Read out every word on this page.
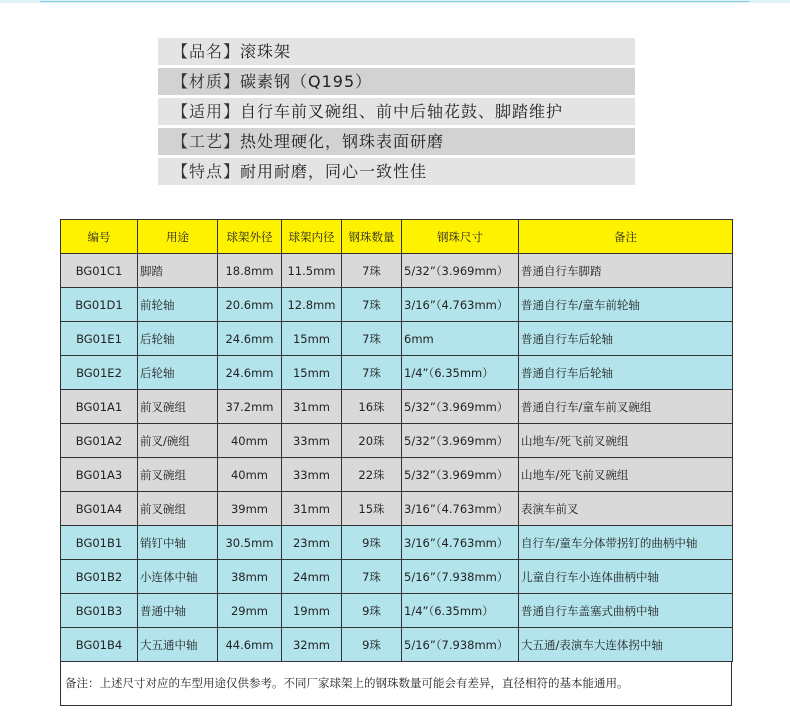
【品名】滚珠架
【材质】碳素钢（Q195）
【适用】自行车前叉碗组、前中后轴花鼓、脚踏维护
【工艺】热处理硬化，钢珠表面研磨
【特点】耐用耐磨，同心一致性佳
编号	用途	球架外径	球架内径	钢珠数量	钢珠尺寸	备注
BG01C1	脚踏	18.8mm	11.5mm	7珠	5/32”（3.969mm）	普通自行车脚踏
BG01D1	前轮轴	20.6mm	12.8mm	7珠	3/16”（4.763mm）	普通自行车/童车前轮轴
BG01E1	后轮轴	24.6mm	15mm	7珠	6mm	普通自行车后轮轴
BG01E2	后轮轴	24.6mm	15mm	7珠	1/4”（6.35mm）	普通自行车后轮轴
BG01A1	前叉碗组	37.2mm	31mm	16珠	5/32”（3.969mm）	普通自行车/童车前叉碗组
BG01A2	前叉/碗组	40mm	33mm	20珠	5/32”（3.969mm）	山地车/死飞前叉碗组
BG01A3	前叉碗组	40mm	33mm	22珠	5/32”（3.969mm）	山地车/死飞前叉碗组
BG01A4	前叉碗组	39mm	31mm	15珠	3/16”（4.763mm）	表演车前叉
BG01B1	销钉中轴	30.5mm	23mm	9珠	3/16”（4.763mm）	自行车/童车分体带拐钉的曲柄中轴
BG01B2	小连体中轴	38mm	24mm	7珠	5/16”（7.938mm）	儿童自行车小连体曲柄中轴
BG01B3	普通中轴	29mm	19mm	9珠	1/4”（6.35mm）	普通自行车盖塞式曲柄中轴
BG01B4	大五通中轴	44.6mm	32mm	9珠	5/16”（7.938mm）	大五通/表演车大连体拐中轴
备注：上述尺寸对应的车型用途仅供参考。不同厂家球架上的钢珠数量可能会有差异，直径相符的基本能通用。
